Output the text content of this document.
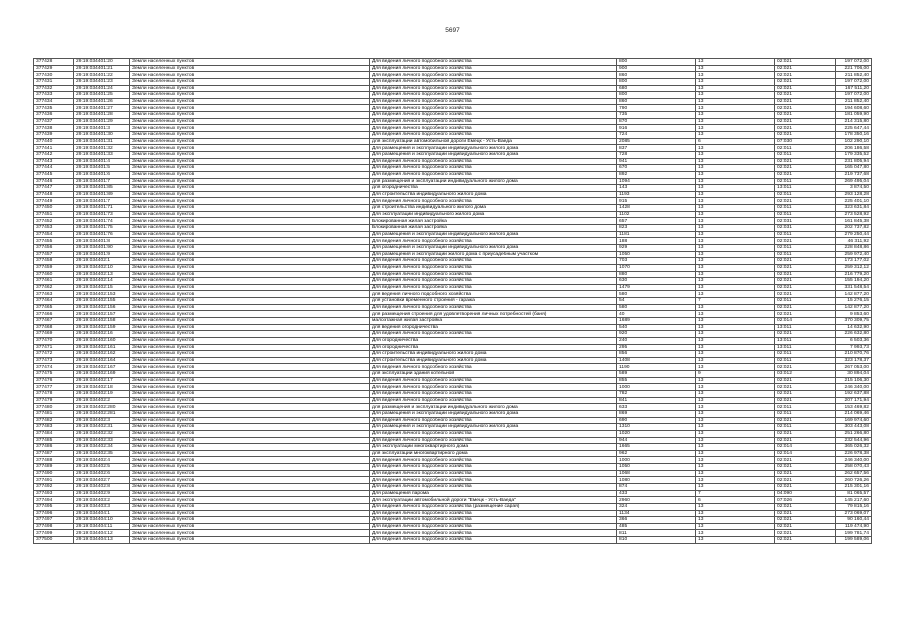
5697
377428	29:19:034401:20	Земли населенных пунктов	Для ведения личного подсобного хозяйства	800	13	02:021	197 072,00
377429	29:19:034401:21	Земли населенных пунктов	Для ведения личного подсобного хозяйства	900	13	02:021	221 706,00
377430	29:19:034401:22	Земли населенных пунктов	Для ведения личного подсобного хозяйства	860	13	02:021	211 852,40
377431	29:19:034401:23	Земли населенных пунктов	Для ведения личного подсобного хозяйства	800	13	02:021	197 072,00
377432	29:19:034401:24	Земли населенных пунктов	Для ведения личного подсобного хозяйства	680	13	02:021	167 511,20
377433	29:19:034401:25	Земли населенных пунктов	Для ведения личного подсобного хозяйства	800	13	02:021	197 072,00
377434	29:19:034401:26	Земли населенных пунктов	Для ведения личного подсобного хозяйства	860	13	02:021	211 852,40
377435	29:19:034401:27	Земли населенных пунктов	Для ведения личного подсобного хозяйства	790	13	02:021	194 608,60
377436	29:19:034401:28	Земли населенных пунктов	Для ведения личного подсобного хозяйства	735	13	02:021	181 059,90
377437	29:19:034401:29	Земли населенных пунктов	Для ведения личного подсобного хозяйства	870	13	02:021	214 315,80
377438	29:19:034401:3	Земли населенных пунктов	Для ведения личного подсобного хозяйства	916	13	02:021	225 647,44
377439	29:19:034401:30	Земли населенных пунктов	Для ведения личного подсобного хозяйства	724	13	02:021	178 350,16
377440	29:19:034401:31	Земли населенных пунктов	для эксплуатации автомобильной дороги Емецк - Усть-Ваеда	2085	6	07:030	102 290,10
377441	29:19:034401:32	Земли населенных пунктов	Для размещения и эксплуатации индивидуального жилого дома	837	13	02:011	206 186,58
377442	29:19:034401:33	Земли населенных пунктов	Для размещения и эксплуатации индивидуального жилого дома	728	13	02:011	179 335,52
377443	29:19:034401:4	Земли населенных пунктов	Для ведения личного подсобного хозяйства	941	13	02:021	231 805,94
377444	29:19:034401:5	Земли населенных пунктов	Для ведения личного подсобного хозяйства	670	13	02:021	165 047,80
377445	29:19:034401:6	Земли населенных пунктов	Для ведения личного подсобного хозяйства	892	13	02:021	219 737,68
377446	29:19:034401:7	Земли населенных пунктов	для размещения и эксплуатации индивидуального жилого дома	1094	13	02:011	269 495,04
377447	29:19:034401:85	Земли населенных пунктов	для огородничества	143	13	13:011	3 874,50
377448	29:19:034401:89	Земли населенных пунктов	Для строительства индивидуального жилого дома	1193	13	02:011	293 128,28
377449	29:19:034401:7	Земли населенных пунктов	Для ведения личного подсобного хозяйства	915	13	02:021	225 401,10
377450	29:19:034401:71	Земли населенных пунктов	для строительства индивидуального жилого дома	1428	13	02:011	323 631,84
377451	29:19:034401:73	Земли населенных пунктов	Для эксплуатации индивидуального жилого дома	1102	13	02:011	273 528,92
377452	29:19:034401:74	Земли населенных пунктов	Блокированная жилая застройка	657	13	02:031	161 845,38
377453	29:19:034401:75	Земли населенных пунктов	Блокированная жилая застройка	823	13	02:031	202 737,82
377454	29:19:034401:76	Земли населенных пунктов	Для размещения и эксплуатации индивидуального жилого дома	1181	13	02:011	279 250,44
377455	29:19:034401:8	Земли населенных пунктов	Для ведения личного подсобного хозяйства	188	13	02:021	46 311,92
377456	29:19:034401:90	Земли населенных пунктов	Для размещения и эксплуатации индивидуального жилого дома	929	13	02:011	228 848,86
377457	29:19:034401:9	Земли населенных пунктов	Для размещения и эксплуатации жилого дома с приусадебным участком	1050	13	02:011	259 972,40
377458	29:19:034402:1	Земли населенных пунктов	Для ведения личного подсобного хозяйства	703	13	02:021	173 177,02
377459	29:19:034402:10	Земли населенных пунктов	Для ведения личного подсобного хозяйства	1070	13	02:021	259 312,12
377460	29:19:034402:13	Земли населенных пунктов	Для ведения личного подсобного хозяйства	880	13	02:021	216 779,20
377461	29:19:034402:14	Земли населенных пунктов	Для ведения личного подсобного хозяйства	630	13	02:021	155 194,20
377462	29:19:034402:15	Земли населенных пунктов	Для ведения личного подсобного хозяйства	1479	13	02:021	331 548,54
377463	29:19:034402:153	Земли населенных пунктов	для ведения личного подсобного хозяйства	580	13	02:021	142 877,20
377464	29:19:034402:155	Земли населенных пунктов	для установки временного строения - гаража	54	7	02:011	15 276,15
377465	29:19:034402:156	Земли населенных пунктов	Для ведения личного подсобного хозяйства	580	13	02:021	142 877,20
377466	29:19:034402:157	Земли населенных пунктов	для размещения строения для удовлетворения личных потребностей (баня)	40	13	02:021	9 853,60
377467	29:19:034402:158	Земли населенных пунктов	малоэтажная жилая застройка	1689	13	02:014	370 309,75
377468	29:19:034402:159	Земли населенных пунктов	для ведения огородничества	540	13	13:011	14 632,90
377469	29:19:034402:16	Земли населенных пунктов	Для ведения личного подсобного хозяйства	920	13	02:021	226 632,80
377470	29:19:034402:160	Земли населенных пунктов	Для огородничества	240	13	13:011	6 503,36
377471	29:19:034402:161	Земли населенных пунктов	Для огородничества	295	13	13:011	7 993,73
377472	29:19:034402:162	Земли населенных пунктов	Для строительства индивидуального жилого дома	856	13	02:011	210 870,76
377473	29:19:034402:164	Земли населенных пунктов	Для строительства индивидуального жилого дома	1408	13	02:011	323 178,37
377474	29:19:034402:167	Земли населенных пунктов	Для ведения личного подсобного хозяйства	1190	13	02:021	267 053,00
377475	29:19:034402:169	Земли населенных пунктов	для эксплуатации здания котельной	589	9	03:012	30 894,04
377476	29:19:034402:17	Земли населенных пунктов	Для ведения личного подсобного хозяйства	855	13	02:021	215 106,30
377477	29:19:034402:18	Земли населенных пунктов	Для ведения личного подсобного хозяйства	1000	13	02:021	246 340,00
377478	29:19:034402:19	Земли населенных пунктов	Для ведения личного подсобного хозяйства	782	13	02:021	192 637,88
377479	29:19:034402:2	Земли населенных пунктов	Для ведения личного подсобного хозяйства	841	13	02:021	207 171,94
377480	29:19:034402:280	Земли населенных пунктов	для размещения и эксплуатации индивидуального жилого дома	633	13	02:011	153 469,82
377481	29:19:034402:281	Земли населенных пунктов	Для размещения и эксплуатации индивидуального жилого дома	869	13	02:011	214 069,46
377482	29:19:034402:3	Земли населенных пунктов	Для ведения личного подсобного хозяйства	690	13	02:021	169 974,60
377483	29:19:034402:31	Земли населенных пунктов	Для размещения и эксплуатации индивидуального жилого дома	1310	13	02:011	303 443,08
377484	29:19:034402:32	Земли населенных пунктов	Для ведения личного подсобного хозяйства	1020	13	02:021	251 266,80
377485	29:19:034402:33	Земли населенных пунктов	Для ведения личного подсобного хозяйства	944	13	02:021	232 544,96
377486	29:19:034402:34	Земли населенных пунктов	Для эксплуатации многоквартирного дома	1665	13	02:014	365 026,32
377487	29:19:034402:35	Земли населенных пунктов	для эксплуатации многоквартирного дома	962	13	02:014	226 978,38
377488	29:19:034402:4	Земли населенных пунктов	Для ведения личного подсобного хозяйства	1000	13	02:021	246 340,00
377489	29:19:034402:5	Земли населенных пунктов	Для ведения личного подсобного хозяйства	1050	13	02:021	258 070,43
377490	29:19:034402:6	Земли населенных пунктов	Для ведения личного подсобного хозяйства	1068	13	02:021	262 657,56
377491	29:19:034402:7	Земли населенных пунктов	Для ведения личного подсобного хозяйства	1080	13	02:021	260 726,26
377492	29:19:034402:8	Земли населенных пунктов	Для ведения личного подсобного хозяйства	874	13	02:021	215 301,16
377493	29:19:034402:9	Земли населенных пунктов	Для размещения парома	433	7	04:090	81 065,57
377494	29:19:034403:2	Земли населенных пунктов	Для эксплуатации автомобильной дороги "Емецк - Усть-Ваеда"	2960	6	07:026	145 217,60
377495	29:19:034403:3	Земли населенных пунктов	Для ведения личного подсобного хозяйства (размещение сарая)	324	13	02:021	79 815,16
377496	29:19:034404:1	Земли населенных пунктов	Для ведения личного подсобного хозяйства	1134	13	02:021	273 069,07
377497	29:19:034404:10	Земли населенных пунктов	Для ведения личного подсобного хозяйства	366	13	02:021	90 160,44
377498	29:19:034404:11	Земли населенных пунктов	Для ведения личного подсобного хозяйства	485	13	02:021	119 474,90
377499	29:19:034404:12	Земли населенных пунктов	Для ведения личного подсобного хозяйства	811	13	02:021	199 781,74
377500	29:19:034404:13	Земли населенных пунктов	Для ведения личного подсобного хозяйства	810	13	02:021	199 589,06
